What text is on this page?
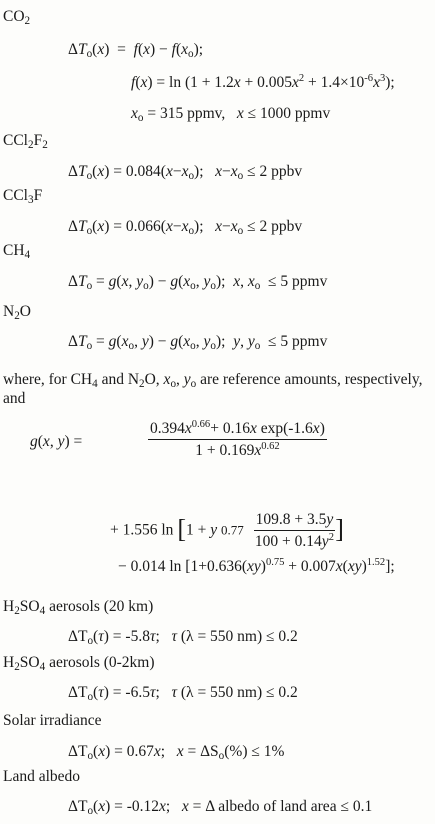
$CO_2$
$\Delta T_o(x) = f(x) - f(x_o)$;
$f(x) = \ln (1 + 1.2x + 0.005x^2 + 1.4\times 10^{-6}x^3)$;
$x_o = 315$ ppmv,   x ≤ 1000 ppmv
$CCl_2F_2$
$\Delta T_o(x) = 0.084(x-x_o)$;   $x-x_o \le 2$ ppbv
CCl$_3$F
$\Delta T_o(x) = 0.066(x-x_o)$;   $x-x_o \le 2$ ppbv
$CH_4$
$\Delta T_o = g(x$, $y_o) - g(x_o$, $y_o$);  x, $x_o \le 5$ ppmv
$N_2O$
$\Delta T_o = g(x_o$, $y) - g(x_o$, $y_o$);  y, $y_o \le 5$ ppmv
where, for $CH_4$ and $N_2O$, $x_o$, $y_o$ are reference amounts, respectively, and
g(x, y) =	$\frac{0.394x^{0.66}+ 0.16x \exp(-1.6x)}{1 + 0.169x^{0.62}}$
+ 1.556 ln [1 + y $0.77 \frac{109.8 + 3.5y}{100 + 0.14y^2}$ ]
− 0.014 ln [1+0.636(xy)$^{0.75}$ + 0.007x(xy)$^{1.52}$];
$H_2SO_4$ aerosols (20 km)
$\Delta T_o(\tau) = -5.8\tau$;   τ (λ = 550 nm) ≤ 0.2
$H_2SO_4$ aerosols (0-2km)
$\Delta T_o(\tau) = -6.5\tau$;   τ (λ = 550 nm) ≤ 0.2
Solar irradiance
$\Delta T_o(x) = 0.67x$;   $x = \Delta S_o(\%) \le 1\%$
Land albedo
$\Delta T_o(x) = -0.12x$;   x = Δ albedo of land area ≤ 0.1
